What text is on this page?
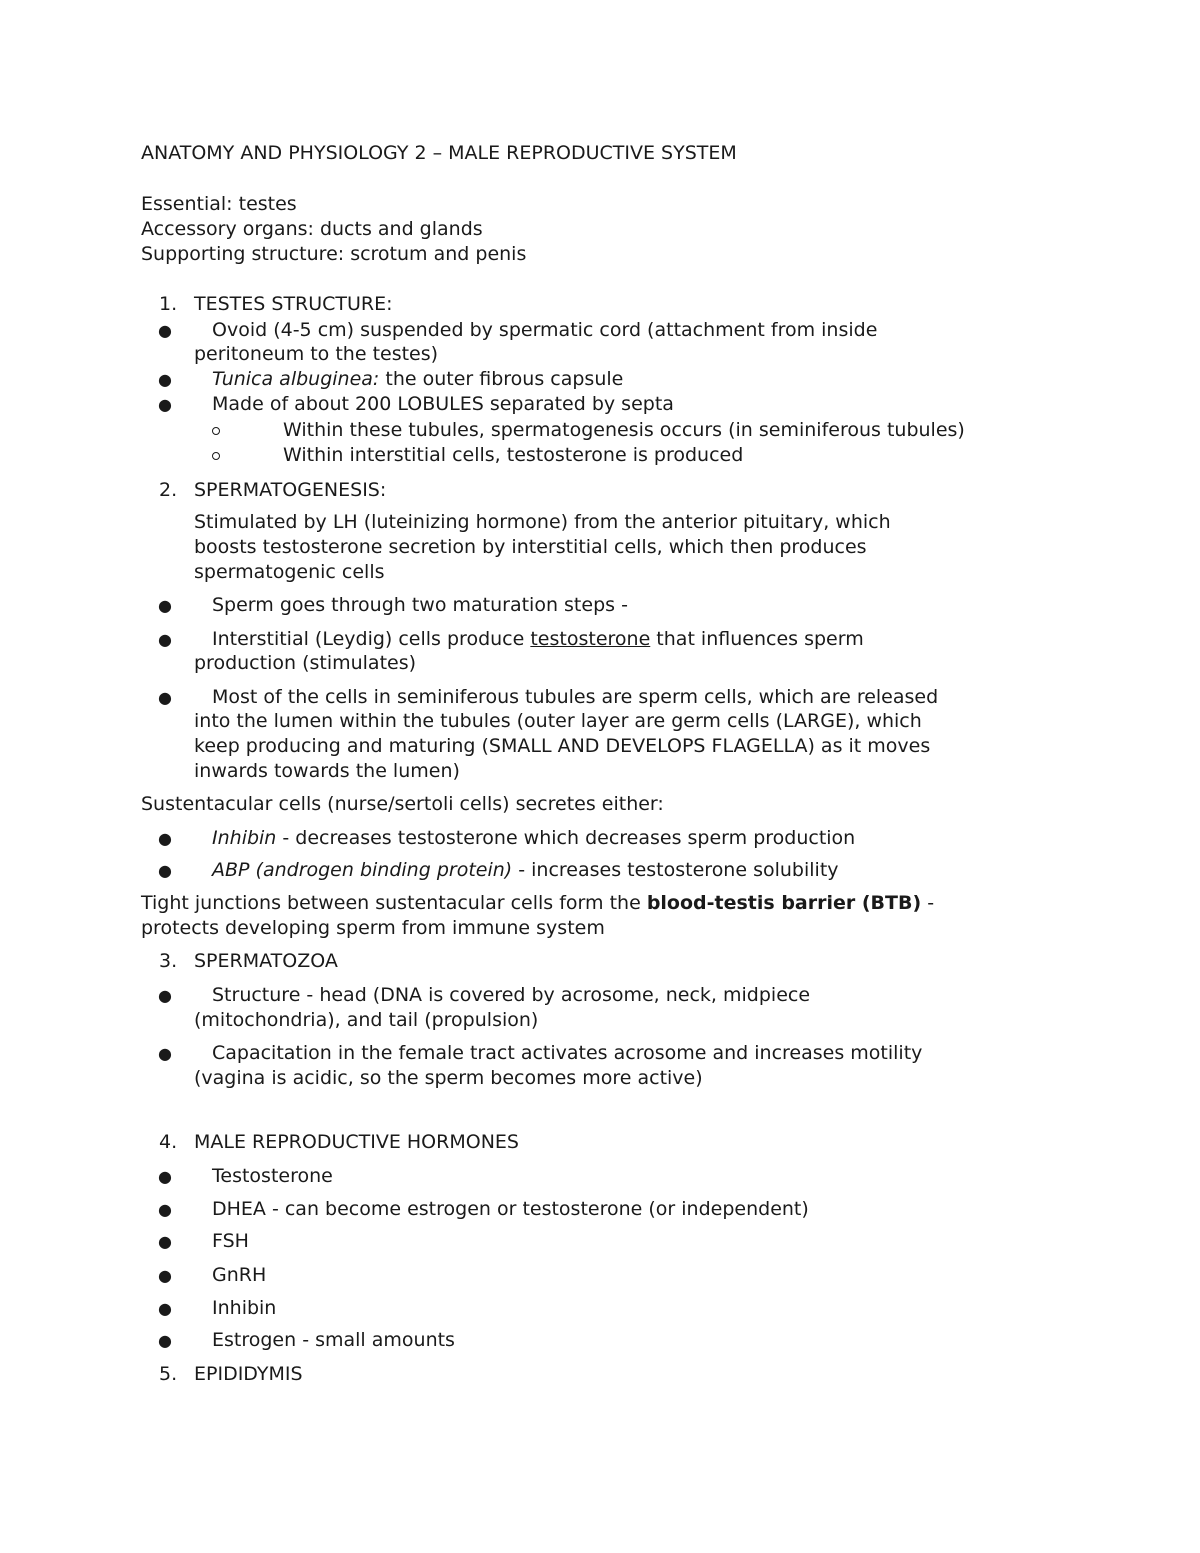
ANATOMY AND PHYSIOLOGY 2 – MALE REPRODUCTIVE SYSTEM
Essential: testes
Accessory organs: ducts and glands
Supporting structure: scrotum and penis
1. TESTES STRUCTURE:
● Ovoid (4-5 cm) suspended by spermatic cord (attachment from inside
peritoneum to the testes)
● Tunica albuginea: the outer fibrous capsule
● Made of about 200 LOBULES separated by septa
Within these tubules, spermatogenesis occurs (in seminiferous tubules)
Within interstitial cells, testosterone is produced
2. SPERMATOGENESIS:
Stimulated by LH (luteinizing hormone) from the anterior pituitary, which
boosts testosterone secretion by interstitial cells, which then produces
spermatogenic cells
● Sperm goes through two maturation steps -
● Interstitial (Leydig) cells produce testosterone that influences sperm
production (stimulates)
● Most of the cells in seminiferous tubules are sperm cells, which are released
into the lumen within the tubules (outer layer are germ cells (LARGE), which
keep producing and maturing (SMALL AND DEVELOPS FLAGELLA) as it moves
inwards towards the lumen)
Sustentacular cells (nurse/sertoli cells) secretes either:
● Inhibin - decreases testosterone which decreases sperm production
● ABP (androgen binding protein) - increases testosterone solubility
Tight junctions between sustentacular cells form the blood-testis barrier (BTB) -
protects developing sperm from immune system
3. SPERMATOZOA
● Structure - head (DNA is covered by acrosome, neck, midpiece
(mitochondria), and tail (propulsion)
● Capacitation in the female tract activates acrosome and increases motility
(vagina is acidic, so the sperm becomes more active)
4. MALE REPRODUCTIVE HORMONES
● Testosterone
● DHEA - can become estrogen or testosterone (or independent)
● FSH
● GnRH
● Inhibin
● Estrogen - small amounts
5. EPIDIDYMIS
